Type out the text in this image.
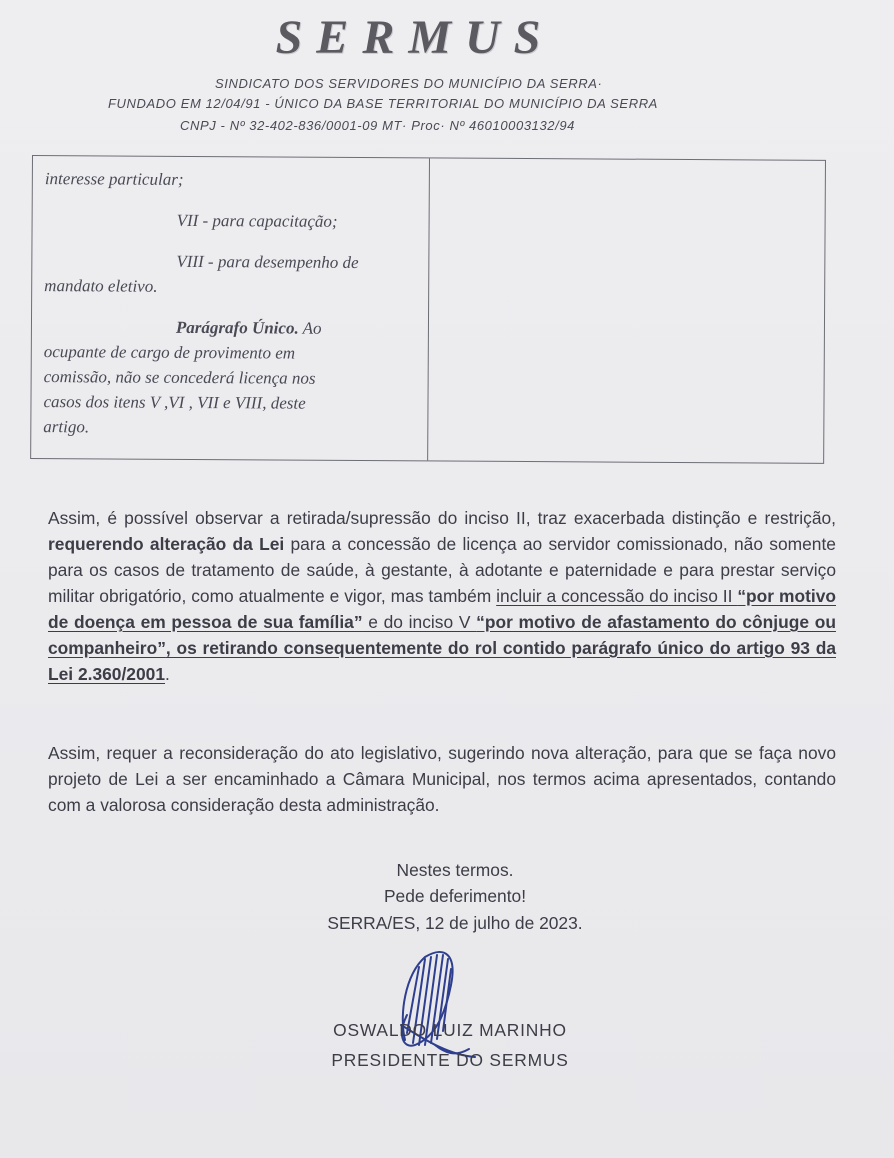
SERMUS
SINDICATO DOS SERVIDORES DO MUNICÍPIO DA SERRA·
FUNDADO EM 12/04/91 - ÚNICO DA BASE TERRITORIAL DO MUNICÍPIO DA SERRA
CNPJ - Nº 32-402-836/0001-09 MT· Proc· Nº 46010003132/94

interesse particular;

VII - para capacitação;

VIII - para desempenho de

mandato eletivo.

Parágrafo Único. Ao

ocupante de cargo de provimento em

comissão, não se concederá licença nos

casos dos itens V ,VI , VII e VIII, deste

artigo.

Assim, é possível observar a retirada/supressão do inciso II, traz exacerbada distinção e restrição, requerendo alteração da Lei para a concessão de licença ao servidor comissionado, não somente para os casos de tratamento de saúde, à gestante, à adotante e paternidade e para prestar serviço militar obrigatório, como atualmente e vigor, mas também incluir a concessão do inciso II “por motivo de doença em pessoa de sua família” e do inciso V “por motivo de afastamento do cônjuge ou companheiro”, os retirando consequentemente do rol contido parágrafo único do artigo 93 da Lei 2.360/2001.
Assim, requer a reconsideração do ato legislativo, sugerindo nova alteração, para que se faça novo projeto de Lei a ser encaminhado a Câmara Municipal, nos termos acima apresentados, contando com a valorosa consideração desta administração.
Nestes termos.
Pede deferimento!
SERRA/ES, 12 de julho de 2023.
OSWALDO LUIZ MARINHO
PRESIDENTE DO SERMUS
